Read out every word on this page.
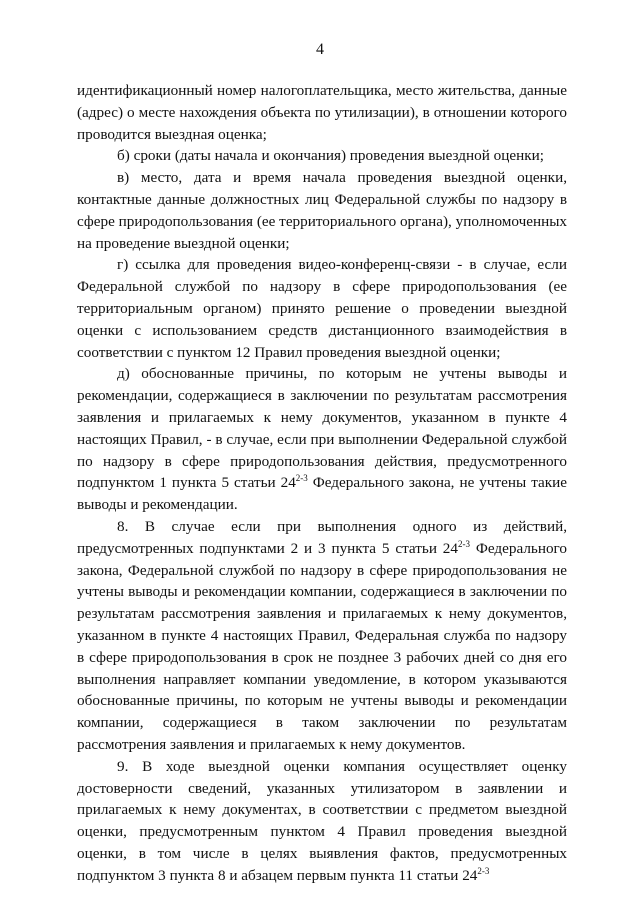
4

идентификационный номер налогоплательщика, место жительства, данные (адрес) о месте нахождения объекта по утилизации), в отношении которого проводится выездная оценка;

б) сроки (даты начала и окончания) проведения выездной оценки;

в) место, дата и время начала проведения выездной оценки, контактные данные должностных лиц Федеральной службы по надзору в сфере природопользования (ее территориального органа), уполномоченных на проведение выездной оценки;

г) ссылка для проведения видео-конференц-связи - в случае, если Федеральной службой по надзору в сфере природопользования (ее территориальным органом) принято решение о проведении выездной оценки с использованием средств дистанционного взаимодействия в соответствии с пунктом 12 Правил проведения выездной оценки;

д) обоснованные причины, по которым не учтены выводы и рекомендации, содержащиеся в заключении по результатам рассмотрения заявления и прилагаемых к нему документов, указанном в пункте 4 настоящих Правил, - в случае, если при выполнении Федеральной службой по надзору в сфере природопользования действия, предусмотренного подпунктом 1 пункта 5 статьи 24$^{2-3}$ Федерального закона, не учтены такие выводы и рекомендации.

8. В случае если при выполнения одного из действий, предусмотренных подпунктами 2 и 3 пункта 5 статьи 24$^{2-3}$ Федерального закона, Федеральной службой по надзору в сфере природопользования не учтены выводы и рекомендации компании, содержащиеся в заключении по результатам рассмотрения заявления и прилагаемых к нему документов, указанном в пункте 4 настоящих Правил, Федеральная служба по надзору в сфере природопользования в срок не позднее 3 рабочих дней со дня его выполнения направляет компании уведомление, в котором указываются обоснованные причины, по которым не учтены выводы и рекомендации компании, содержащиеся в таком заключении по результатам рассмотрения заявления и прилагаемых к нему документов.

9. В ходе выездной оценки компания осуществляет оценку достоверности сведений, указанных утилизатором в заявлении и прилагаемых к нему документах, в соответствии с предметом выездной оценки, предусмотренным пунктом 4 Правил проведения выездной оценки, в том числе в целях выявления фактов, предусмотренных подпунктом 3 пункта 8 и абзацем первым пункта 11 статьи 24$^{2-3}$
